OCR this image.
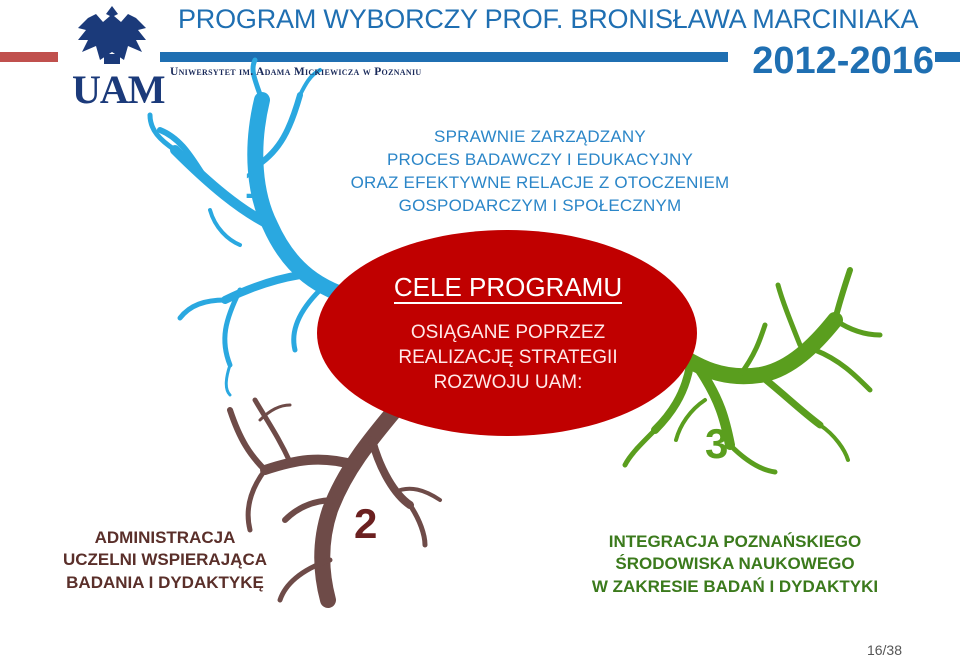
UAM
PROGRAM WYBORCZY PROF. BRONISŁAWA MARCINIAKA
2012-2016
Uniwersytet im. Adama Mickiewicza w Poznaniu
1
SPRAWNIE ZARZĄDZANY
PROCES BADAWCZY I EDUKACYJNY
ORAZ EFEKTYWNE RELACJE Z OTOCZENIEM
GOSPODARCZYM I SPOŁECZNYM
CELE PROGRAMU
OSIĄGANE POPRZEZ
REALIZACJĘ STRATEGII
ROZWOJU UAM:
2
ADMINISTRACJA
UCZELNI WSPIERAJĄCA
BADANIA I DYDAKTYKĘ
3
INTEGRACJA POZNAŃSKIEGO
ŚRODOWISKA NAUKOWEGO
W ZAKRESIE BADAŃ I DYDAKTYKI
16/38
